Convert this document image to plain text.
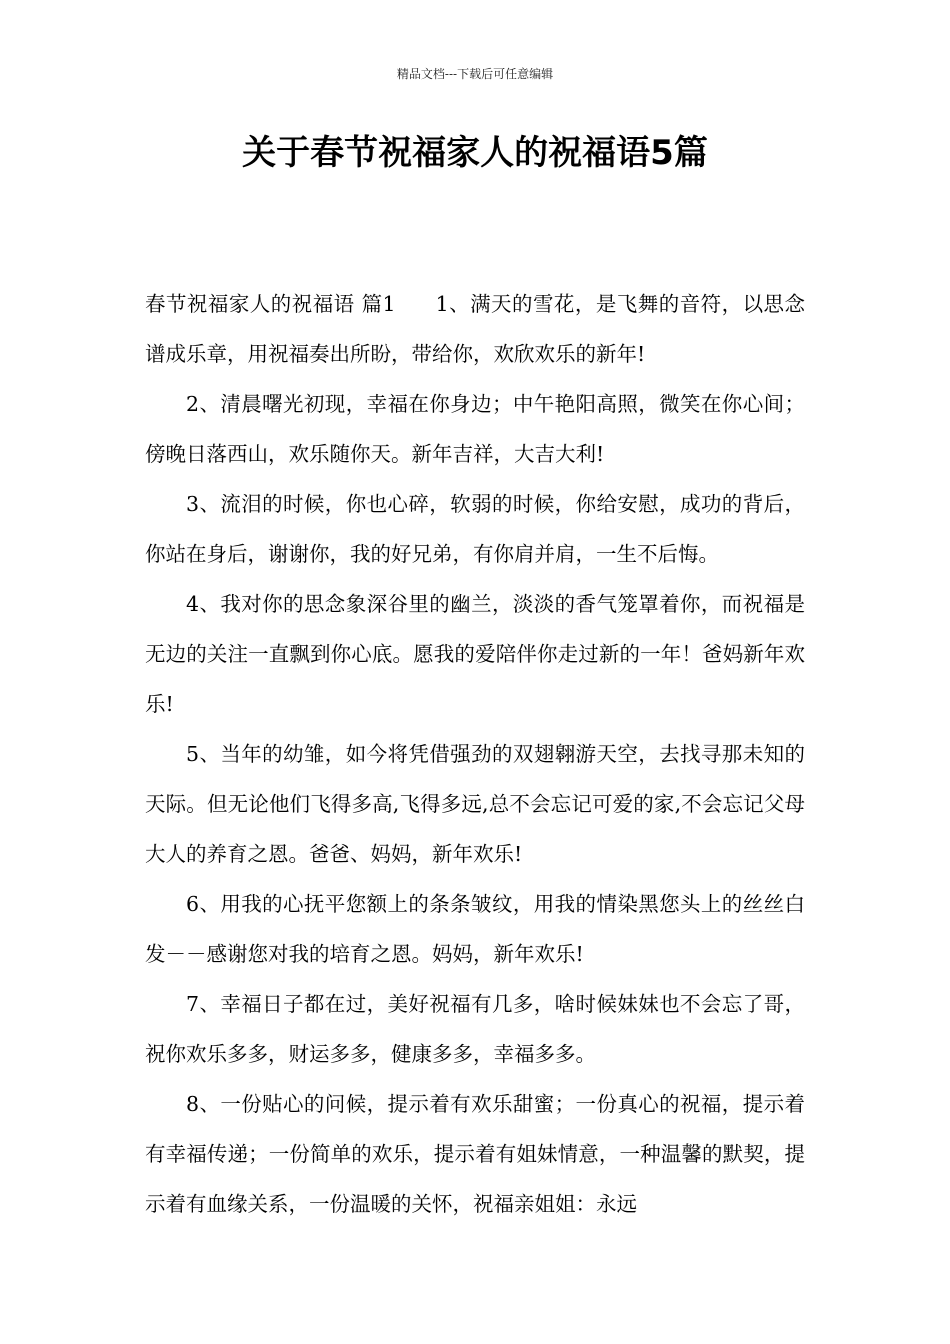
精品文档---下载后可任意编辑
关于春节祝福家人的祝福语5篇

春节祝福家人的祝福语 篇1 1、满天的雪花，是飞舞的音符，以思念谱成乐章，用祝福奏出所盼，带给你，欢欣欢乐的新年!

2、清晨曙光初现，幸福在你身边；中午艳阳高照，微笑在你心间；傍晚日落西山，欢乐随你天。新年吉祥，大吉大利!

3、流泪的时候，你也心碎，软弱的时候，你给安慰，成功的背后，你站在身后，谢谢你，我的好兄弟，有你肩并肩，一生不后悔。

4、我对你的思念象深谷里的幽兰，淡淡的香气笼罩着你，而祝福是无边的关注一直飘到你心底。愿我的爱陪伴你走过新的一年！爸妈新年欢乐!

5、当年的幼雏，如今将凭借强劲的双翅翱游天空，去找寻那未知的天际。但无论他们飞得多高,飞得多远,总不会忘记可爱的家,不会忘记父母大人的养育之恩。爸爸、妈妈，新年欢乐!

6、用我的心抚平您额上的条条皱纹，用我的情染黑您头上的丝丝白发－－感谢您对我的培育之恩。妈妈，新年欢乐!

7、幸福日子都在过，美好祝福有几多，啥时候妹妹也不会忘了哥，祝你欢乐多多，财运多多，健康多多，幸福多多。

8、一份贴心的问候，提示着有欢乐甜蜜；一份真心的祝福，提示着有幸福传递；一份简单的欢乐，提示着有姐妹情意，一种温馨的默契，提示着有血缘关系，一份温暖的关怀，祝福亲姐姐：永远
